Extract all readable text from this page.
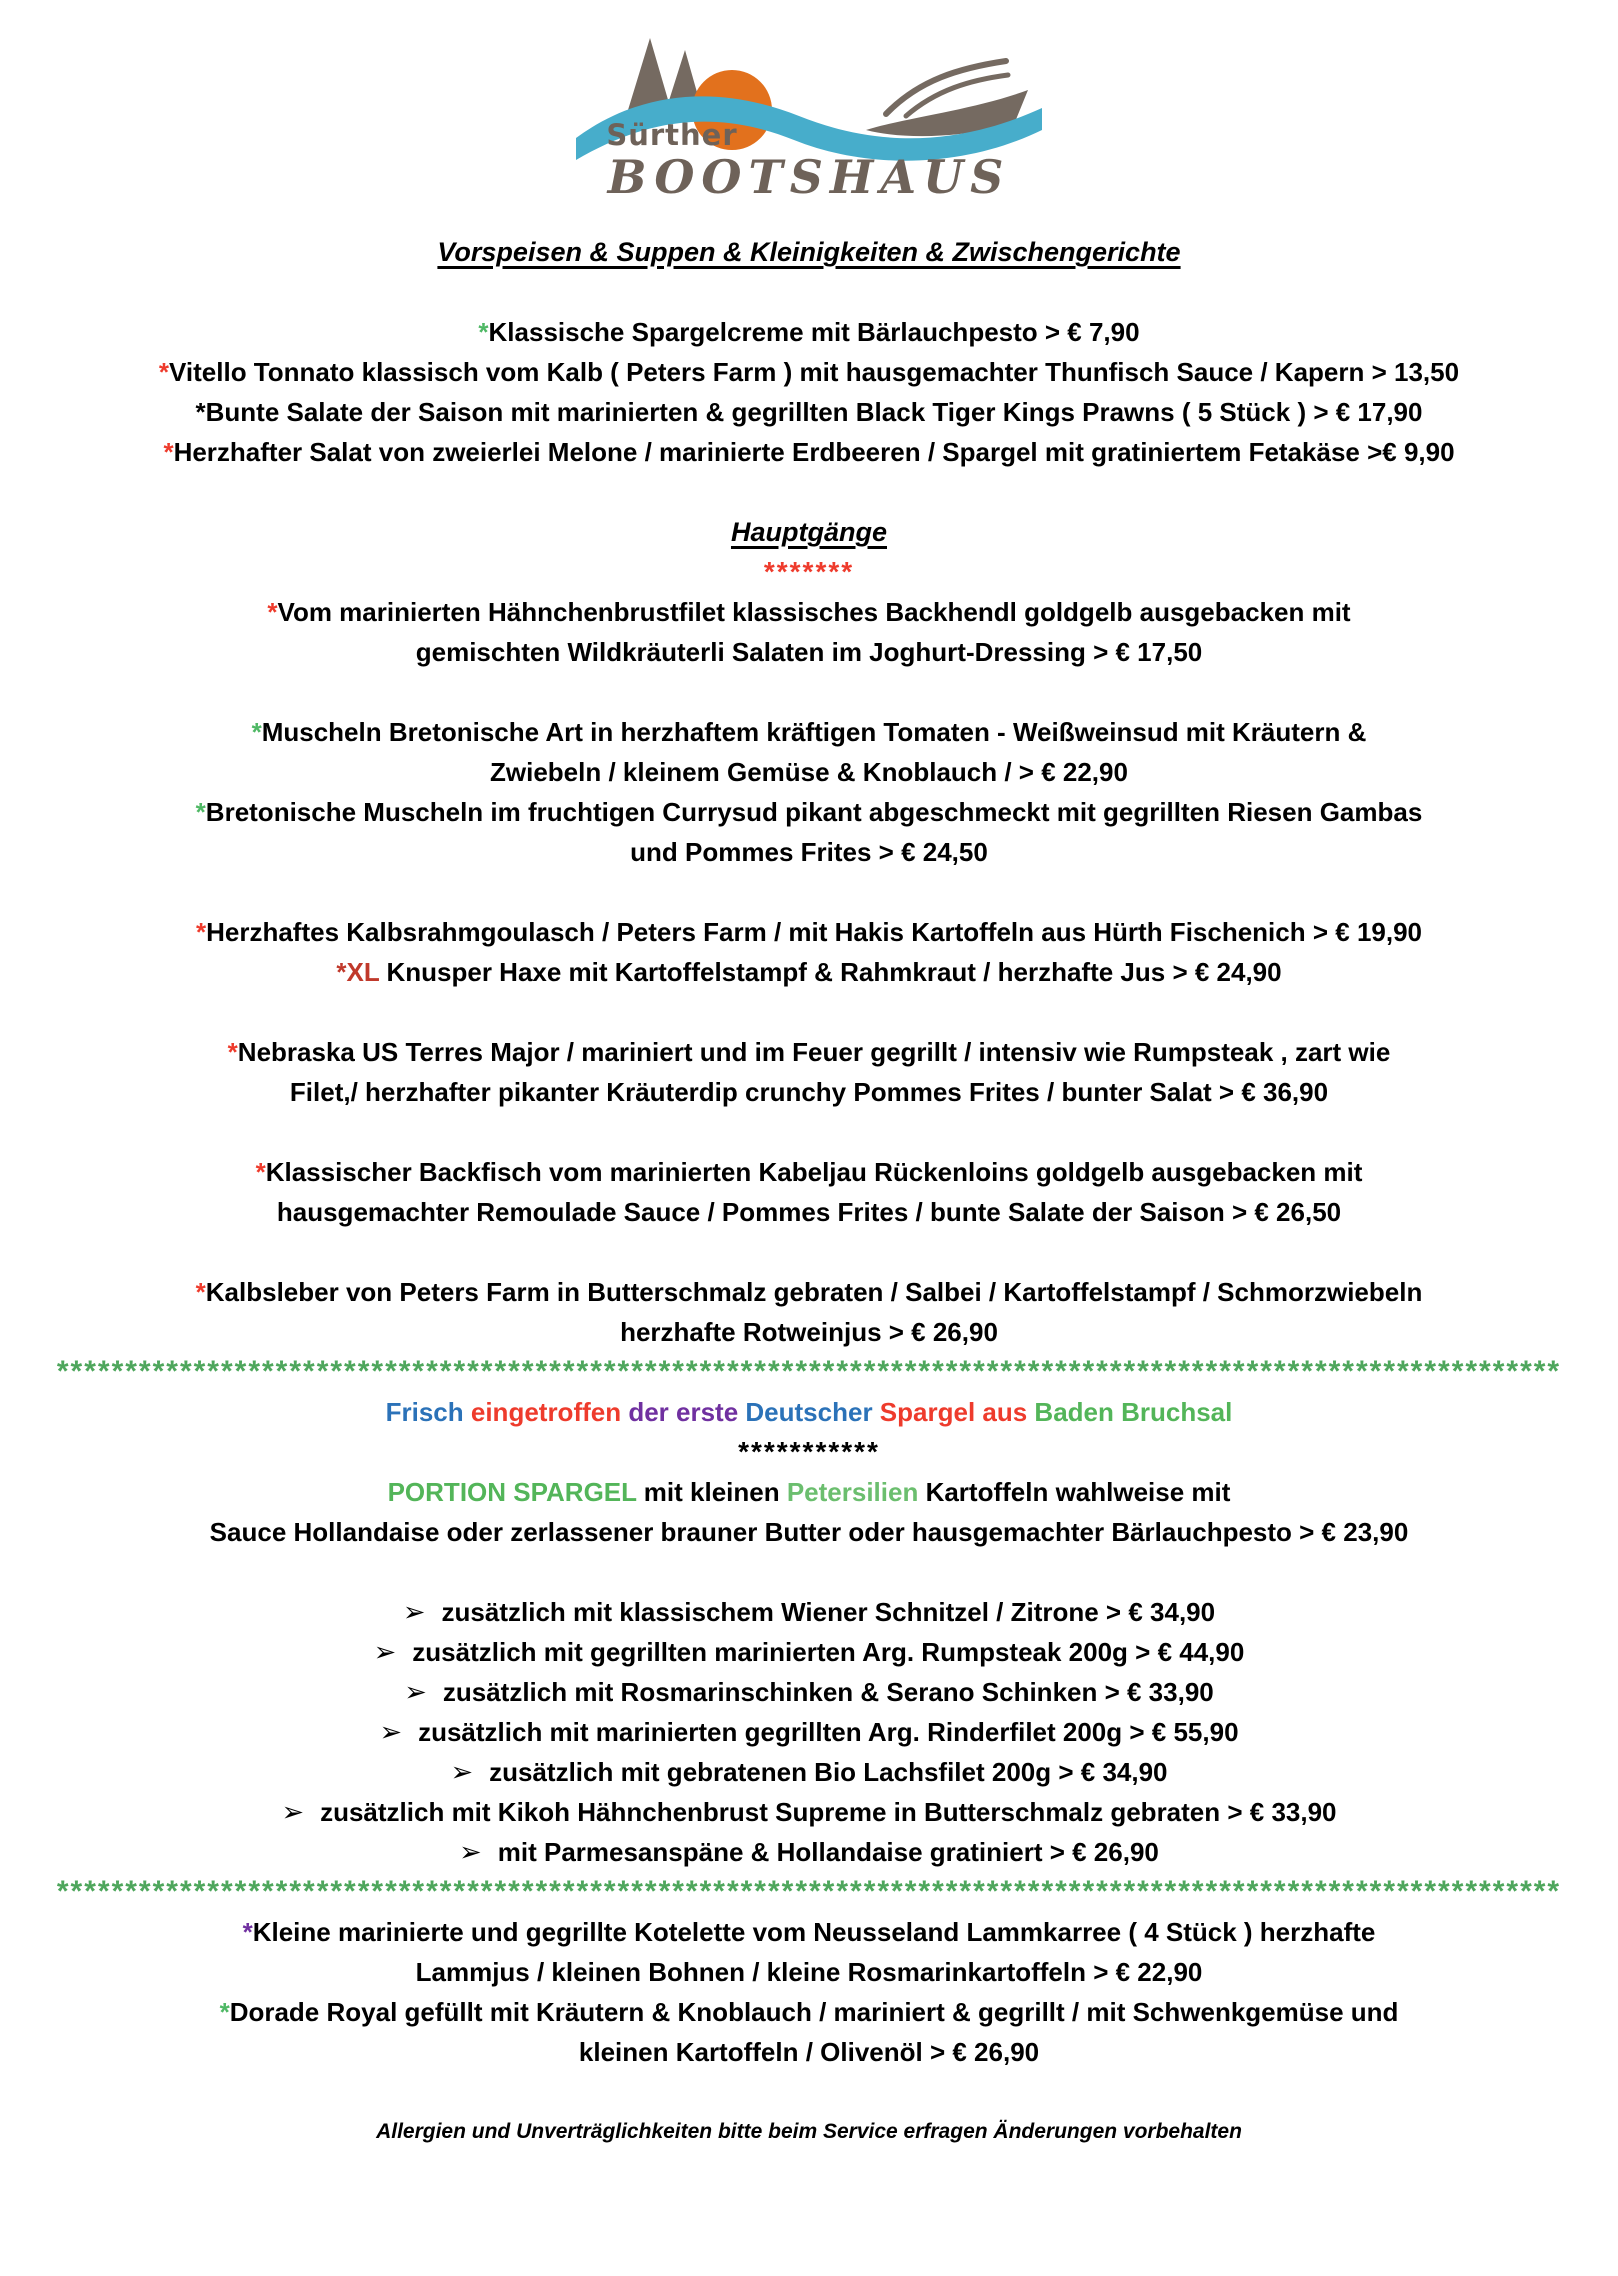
Sürther
BOOTSHAUS
Vorspeisen & Suppen & Kleinigkeiten & Zwischengerichte
*Klassische Spargelcreme mit Bärlauchpesto > € 7,90
*Vitello Tonnato klassisch vom Kalb ( Peters Farm ) mit hausgemachter Thunfisch Sauce / Kapern > 13,50
*Bunte Salate der Saison mit marinierten & gegrillten Black Tiger Kings Prawns ( 5 Stück ) > € 17,90
*Herzhafter Salat von zweierlei Melone / marinierte Erdbeeren / Spargel mit gratiniertem Fetakäse >€ 9,90
Hauptgänge
*******
*Vom marinierten Hähnchenbrustfilet klassisches Backhendl goldgelb ausgebacken mit
gemischten Wildkräuterli Salaten im Joghurt-Dressing > € 17,50
*Muscheln Bretonische Art in herzhaftem kräftigen Tomaten - Weißweinsud mit Kräutern &
Zwiebeln / kleinem Gemüse & Knoblauch / > € 22,90
*Bretonische Muscheln im fruchtigen Currysud pikant abgeschmeckt mit gegrillten Riesen Gambas
und Pommes Frites > € 24,50
*Herzhaftes Kalbsrahmgoulasch / Peters Farm / mit Hakis Kartoffeln aus Hürth Fischenich > € 19,90
*XL Knusper Haxe mit Kartoffelstampf & Rahmkraut / herzhafte Jus > € 24,90
*Nebraska US Terres Major / mariniert und im Feuer gegrillt / intensiv wie Rumpsteak , zart wie
Filet,/ herzhafter pikanter Kräuterdip crunchy Pommes Frites / bunter Salat > € 36,90
*Klassischer Backfisch vom marinierten Kabeljau Rückenloins goldgelb ausgebacken mit
hausgemachter Remoulade Sauce / Pommes Frites / bunte Salate der Saison > € 26,50
*Kalbsleber von Peters Farm in Butterschmalz gebraten / Salbei / Kartoffelstampf / Schmorzwiebeln
herzhafte Rotweinjus > € 26,90
**************************************************************************************************************
Frisch eingetroffen der erste Deutscher Spargel aus Baden Bruchsal
***********
PORTION SPARGEL mit kleinen Petersilien Kartoffeln wahlweise mit
Sauce Hollandaise oder zerlassener brauner Butter oder hausgemachter Bärlauchpesto > € 23,90
➢ zusätzlich mit klassischem Wiener Schnitzel / Zitrone > € 34,90
➢ zusätzlich mit gegrillten marinierten Arg. Rumpsteak 200g > € 44,90
➢ zusätzlich mit Rosmarinschinken & Serano Schinken > € 33,90
➢ zusätzlich mit marinierten gegrillten Arg. Rinderfilet 200g > € 55,90
➢ zusätzlich mit gebratenen Bio Lachsfilet 200g > € 34,90
➢ zusätzlich mit Kikoh Hähnchenbrust Supreme in Butterschmalz gebraten > € 33,90
➢ mit Parmesanspäne & Hollandaise gratiniert > € 26,90
**************************************************************************************************************
*Kleine marinierte und gegrillte Kotelette vom Neusseland Lammkarree ( 4 Stück ) herzhafte
Lammjus / kleinen Bohnen / kleine Rosmarinkartoffeln > € 22,90
*Dorade Royal gefüllt mit Kräutern & Knoblauch / mariniert & gegrillt / mit Schwenkgemüse und
kleinen Kartoffeln / Olivenöl > € 26,90
Allergien und Unverträglichkeiten bitte beim Service erfragen Änderungen vorbehalten
